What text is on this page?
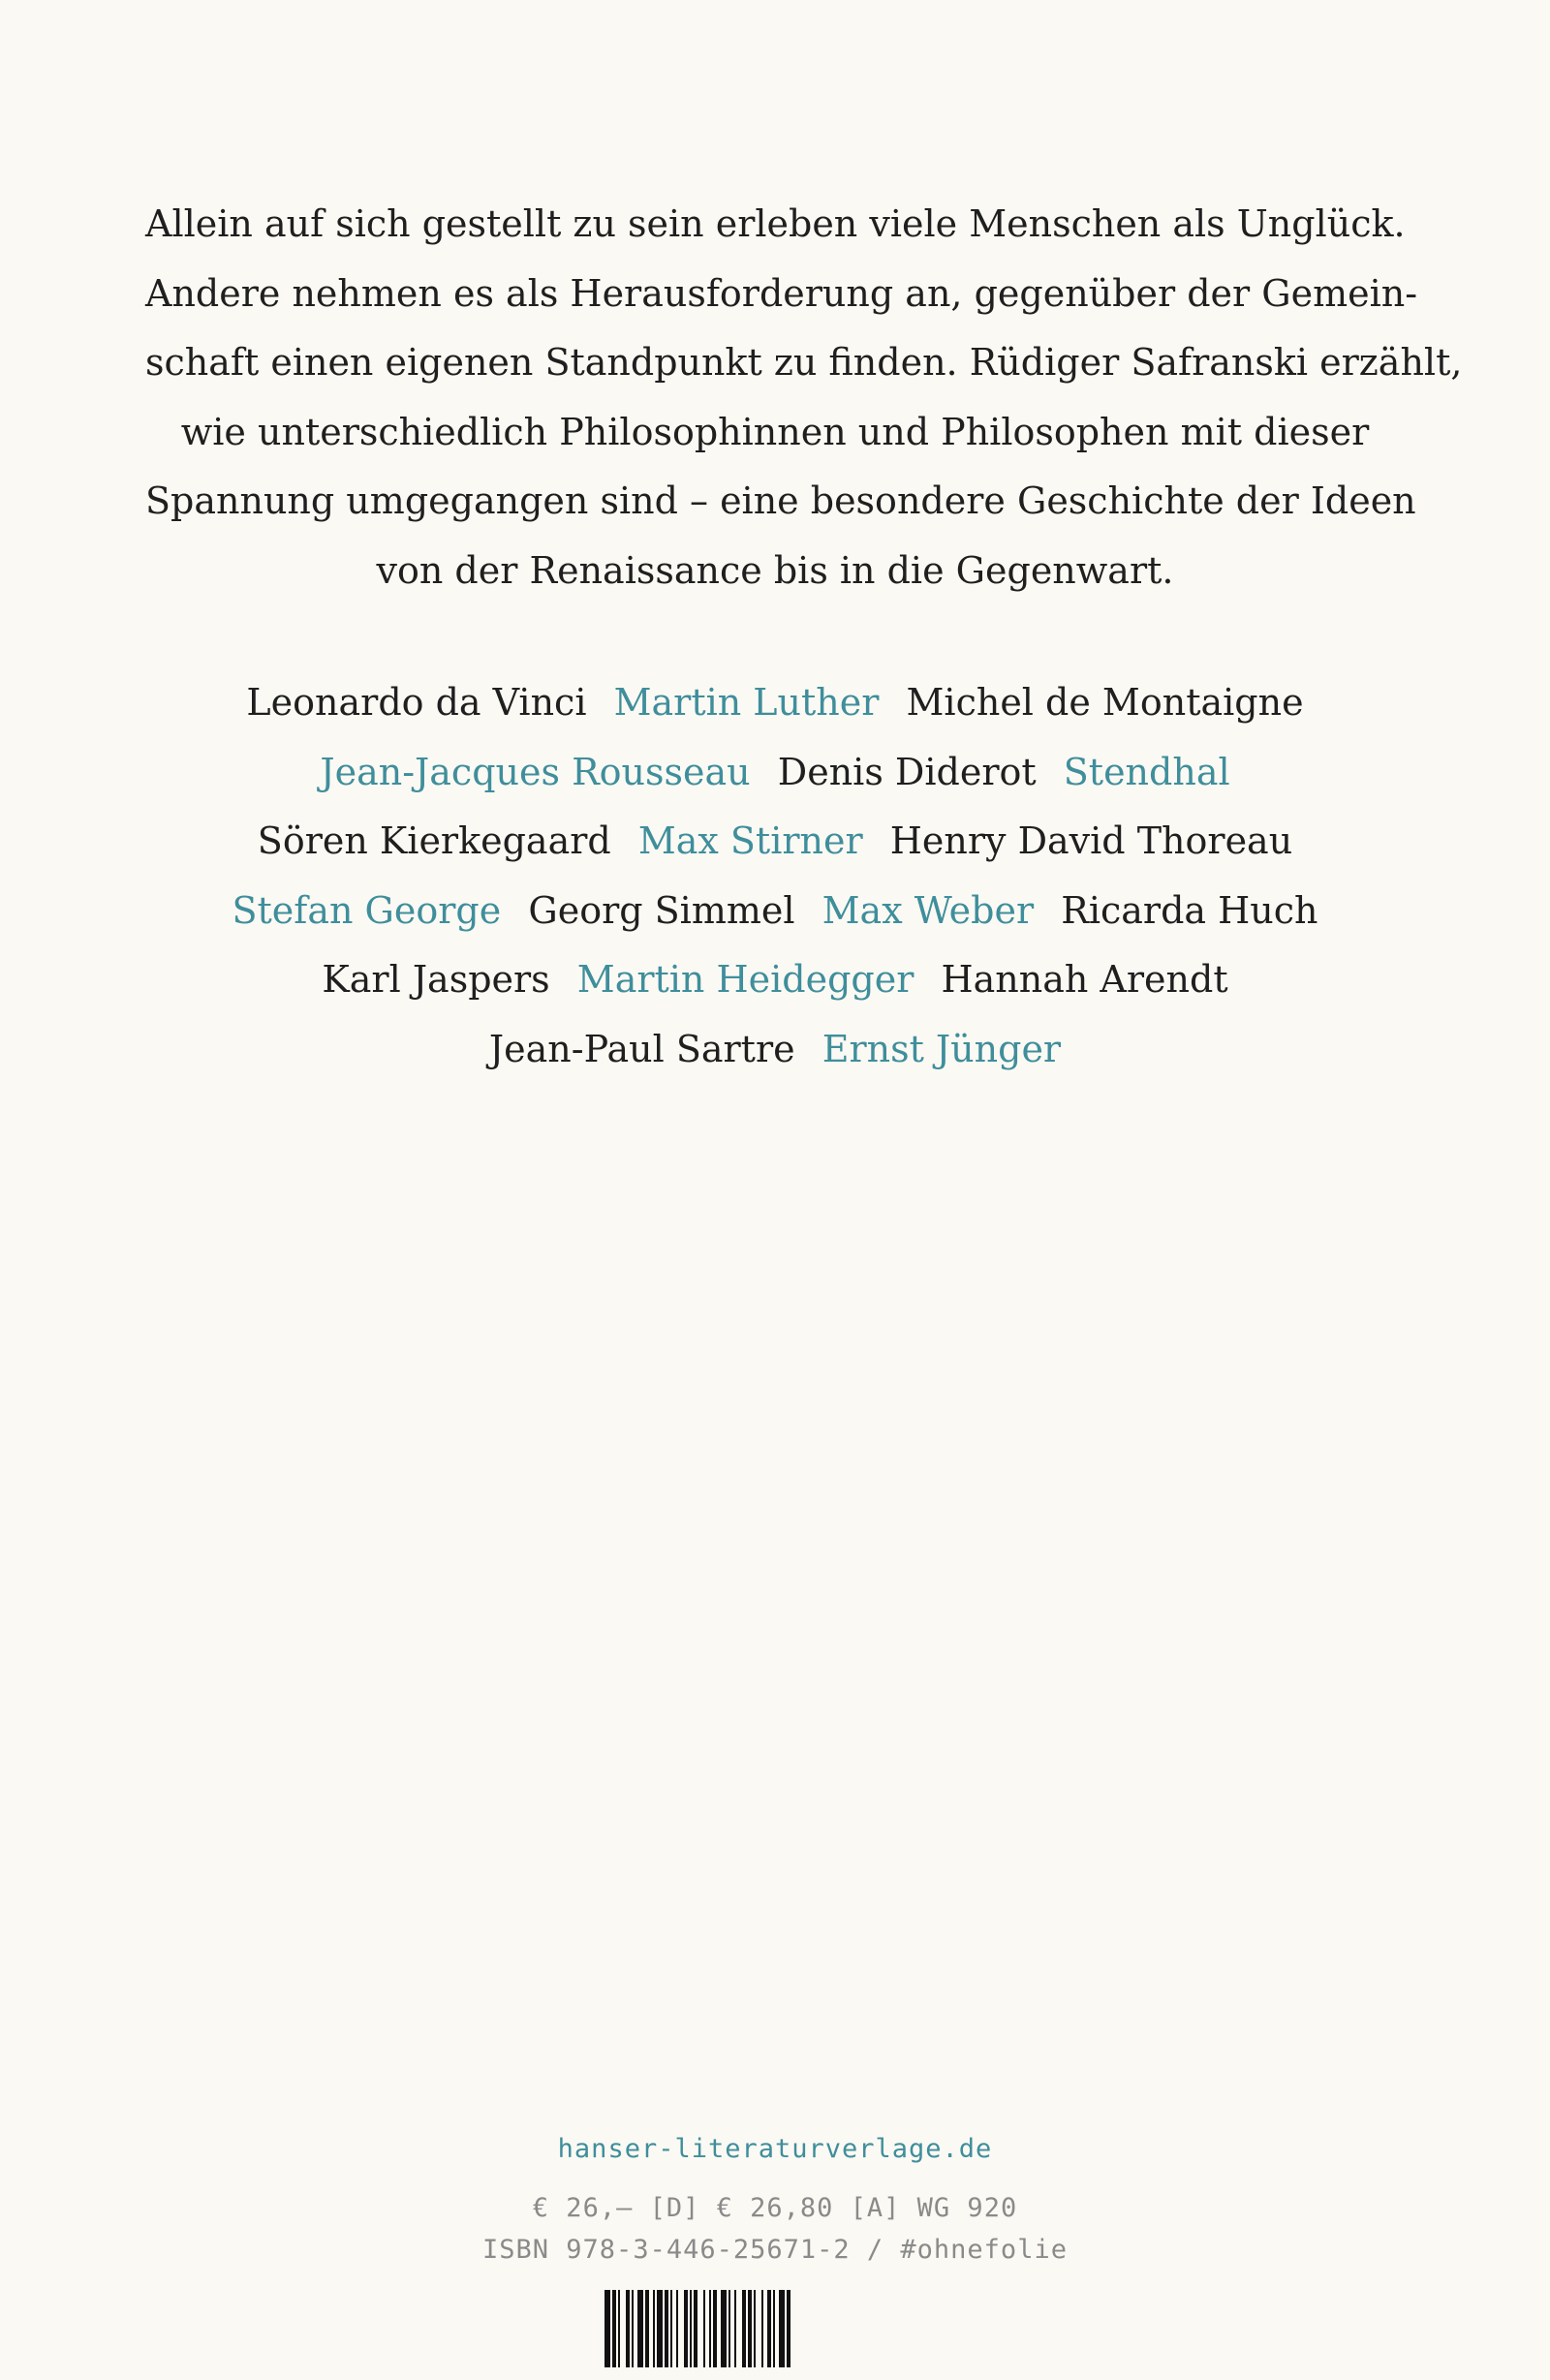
Allein auf sich gestellt zu sein erleben viele Menschen als Unglück.
Andere nehmen es als Herausforderung an, gegenüber der Gemein-
schaft einen eigenen Standpunkt zu finden. Rüdiger Safranski erzählt,
wie unterschiedlich Philosophinnen und Philosophen mit dieser
Spannung umgegangen sind – eine besondere Geschichte der Ideen
von der Renaissance bis in die Gegenwart.
Leonardo da Vinci Martin Luther Michel de Montaigne
Jean-Jacques Rousseau Denis Diderot Stendhal
Sören Kierkegaard Max Stirner Henry David Thoreau
Stefan George Georg Simmel Max Weber Ricarda Huch
Karl Jaspers Martin Heidegger Hannah Arendt
Jean-Paul Sartre Ernst Jünger
hanser-literaturverlage.de
€ 26,– [D] € 26,80 [A] WG 920
ISBN 978-3-446-25671-2 / #ohnefolie
